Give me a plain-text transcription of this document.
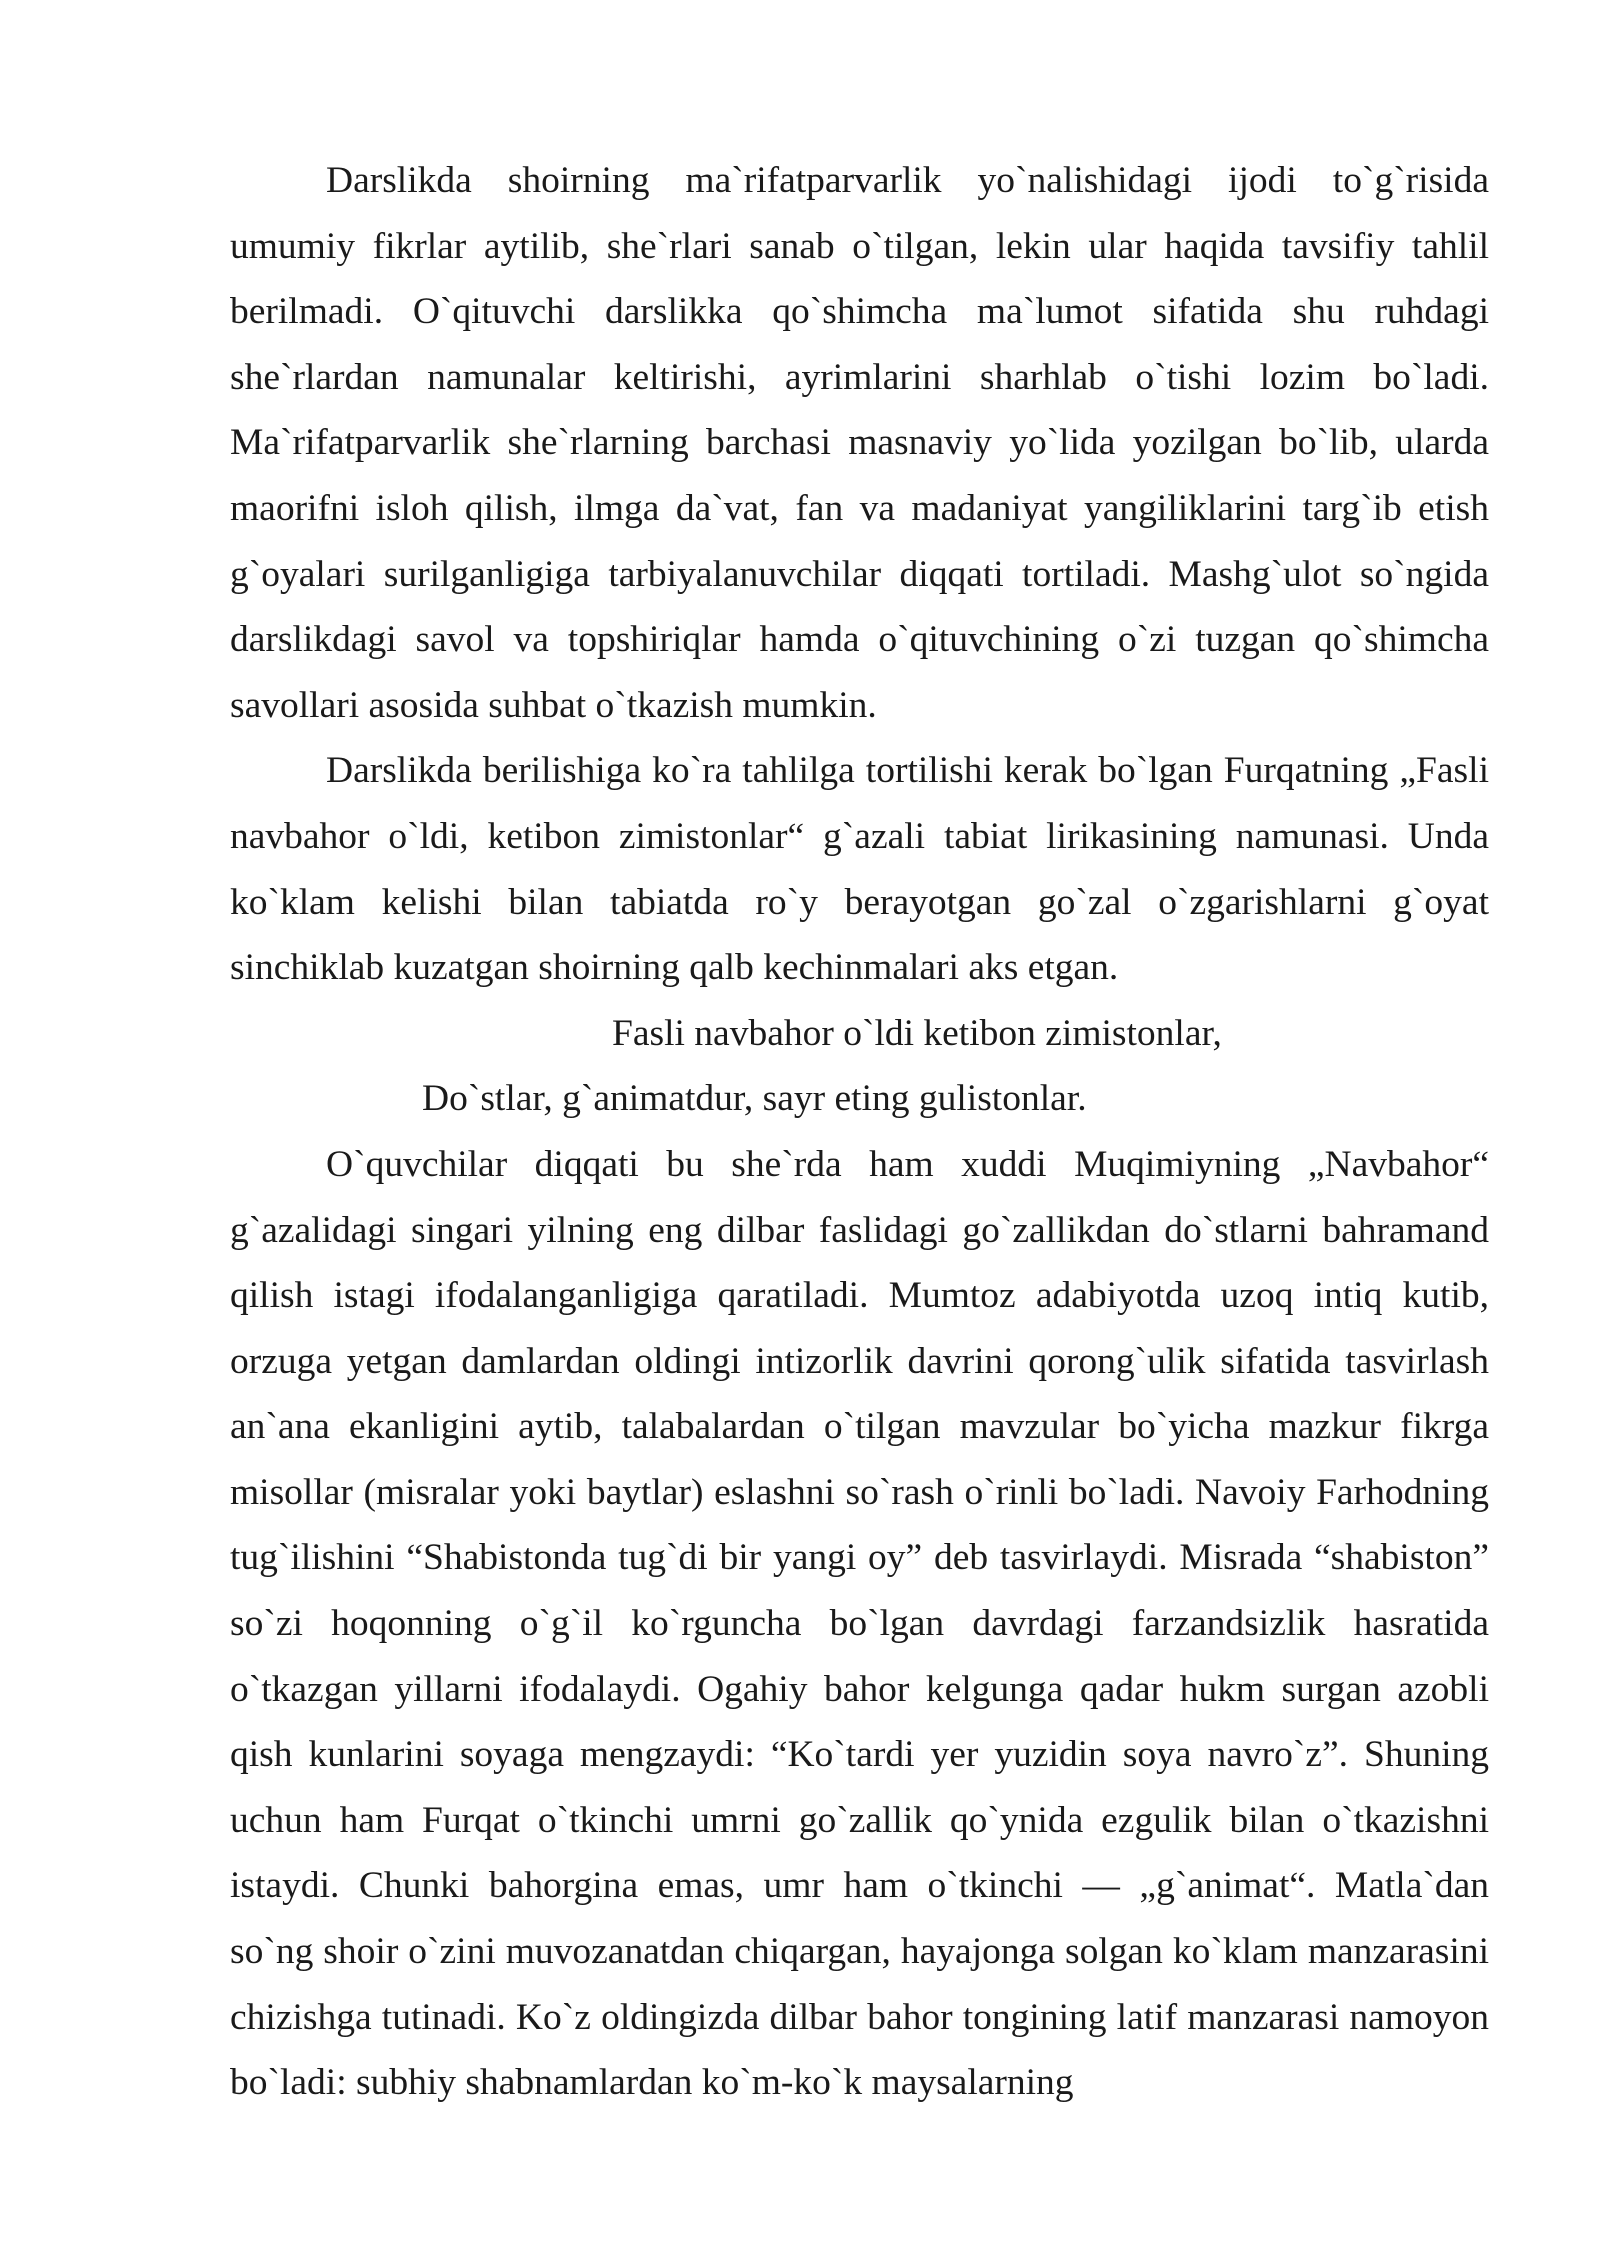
Darslikda shoirning ma`rifatparvarlik yo`nalishidagi ijodi to`g`risida umumiy fikrlar aytilib, she`rlari sanab o`tilgan, lekin ular haqida tavsifiy tahlil berilmadi. O`qituvchi darslikka qo`shimcha ma`lumot sifatida shu ruhdagi she`rlardan namunalar keltirishi, ayrimlarini sharhlab o`tishi lozim bo`ladi. Ma`rifatparvarlik she`rlarning barchasi masnaviy yo`lida yozilgan bo`lib, ularda maorifni isloh qilish, ilmga da`vat, fan va madaniyat yangiliklarini targ`ib etish g`oyalari surilganligiga tarbiyalanuvchilar diqqati tortiladi. Mashg`ulot so`ngida darslikdagi savol va topshiriqlar hamda o`qituvchining o`zi tuzgan qo`shimcha savollari asosida suhbat o`tkazish mumkin.

Darslikda berilishiga ko`ra tahlilga tortilishi kerak bo`lgan Furqatning „Fasli navbahor o`ldi, ketibon zimistonlar“ g`azali tabiat lirikasining namunasi. Unda ko`klam kelishi bilan tabiatda ro`y berayotgan go`zal o`zgarishlarni g`oyat sinchiklab kuzatgan shoirning qalb kechinmalari aks etgan.

Fasli navbahor o`ldi ketibon zimistonlar,

Do`stlar, g`animatdur, sayr eting gulistonlar.

O`quvchilar diqqati bu she`rda ham xuddi Muqimiyning „Navbahor“ g`azalidagi singari yilning eng dilbar faslidagi go`zallikdan do`stlarni bahramand qilish istagi ifodalanganligiga qaratiladi. Mumtoz adabiyotda uzoq intiq kutib, orzuga yetgan damlardan oldingi intizorlik davrini qorong`ulik sifatida tasvirlash an`ana ekanligini aytib, talabalardan o`tilgan mavzular bo`yicha mazkur fikrga misollar (misralar yoki baytlar) eslashni so`rash o`rinli bo`ladi. Navoiy Farhodning tug`ilishini “Shabistonda tug`di bir yangi oy” deb tasvirlaydi. Misrada “shabiston” so`zi hoqonning o`g`il ko`rguncha bo`lgan davrdagi farzandsizlik hasratida o`tkazgan yillarni ifodalaydi. Ogahiy bahor kelgunga qadar hukm surgan azobli qish kunlarini soyaga mengzaydi: “Ko`tardi yer yuzidin soya navro`z”. Shuning uchun ham Furqat o`tkinchi umrni go`zallik qo`ynida ezgulik bilan o`tkazishni istaydi. Chunki bahorgina emas, umr ham o`tkinchi — „g`animat“. Matla`dan so`ng shoir o`zini muvozanatdan chiqargan, hayajonga solgan ko`klam manzarasini chizishga tutinadi. Ko`z oldingizda dilbar bahor tongining latif manzarasi namoyon bo`ladi: subhiy shabnamlardan ko`m-ko`k maysalarning
